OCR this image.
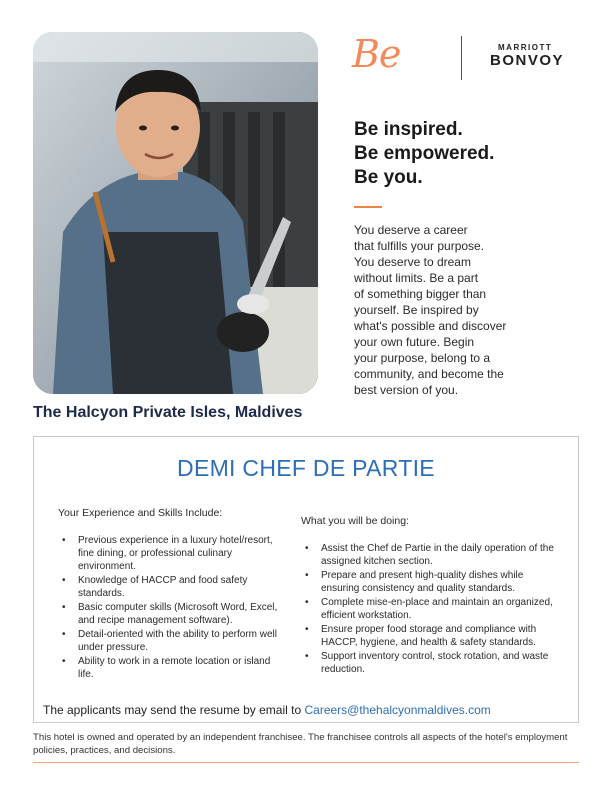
Be	MARRIOTT
BONVOY
Be inspired.
Be empowered.
Be you.
You deserve a career
that fulfills your purpose.
You deserve to dream
without limits. Be a part
of something bigger than
yourself. Be inspired by
what's possible and discover
your own future. Begin
your purpose, belong to a
community, and become the
best version of you.
The Halcyon Private Isles, Maldives
DEMI CHEF DE PARTIE
Your Experience and Skills Include:
• Previous experience in a luxury hotel/resort, fine dining, or professional culinary environment.
• Knowledge of HACCP and food safety standards.
• Basic computer skills (Microsoft Word, Excel, and recipe management software).
• Detail-oriented with the ability to perform well under pressure.
• Ability to work in a remote location or island life.
What you will be doing:
• Assist the Chef de Partie in the daily operation of the assigned kitchen section.
• Prepare and present high-quality dishes while ensuring consistency and quality standards.
• Complete mise-en-place and maintain an organized, efficient workstation.
• Ensure proper food storage and compliance with HACCP, hygiene, and health & safety standards.
• Support inventory control, stock rotation, and waste reduction.
The applicants may send the resume by email to Careers@thehalcyonmaldives.com
This hotel is owned and operated by an independent franchisee. The franchisee controls all aspects of the hotel's employment policies, practices, and decisions.
